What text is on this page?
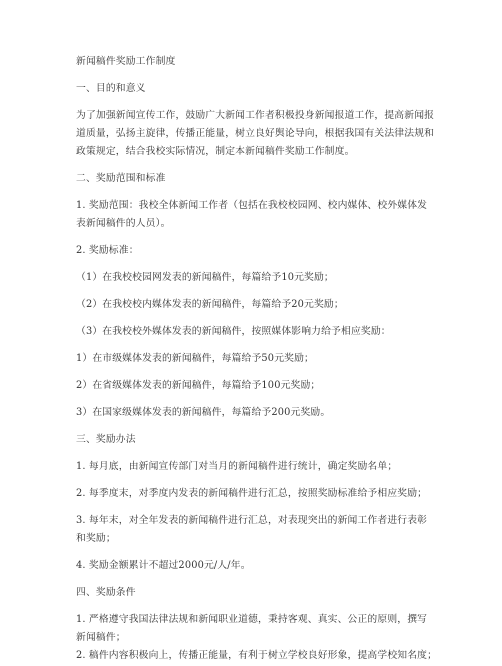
新闻稿件奖励工作制度
一、目的和意义
为了加强新闻宣传工作，鼓励广大新闻工作者积极投身新闻报道工作，提高新闻报
道质量，弘扬主旋律，传播正能量，树立良好舆论导向，根据我国有关法律法规和
政策规定，结合我校实际情况，制定本新闻稿件奖励工作制度。
二、奖励范围和标准
1. 奖励范围：我校全体新闻工作者（包括在我校校园网、校内媒体、校外媒体发
表新闻稿件的人员）。
2. 奖励标准：
（1）在我校校园网发表的新闻稿件，每篇给予10元奖励；
（2）在我校校内媒体发表的新闻稿件，每篇给予20元奖励；
（3）在我校校外媒体发表的新闻稿件，按照媒体影响力给予相应奖励：
1）在市级媒体发表的新闻稿件，每篇给予50元奖励；
2）在省级媒体发表的新闻稿件，每篇给予100元奖励；
3）在国家级媒体发表的新闻稿件，每篇给予200元奖励。
三、奖励办法
1. 每月底，由新闻宣传部门对当月的新闻稿件进行统计，确定奖励名单；
2. 每季度末，对季度内发表的新闻稿件进行汇总，按照奖励标准给予相应奖励；
3. 每年末，对全年发表的新闻稿件进行汇总，对表现突出的新闻工作者进行表彰
和奖励；
4. 奖励金额累计不超过2000元/人/年。
四、奖励条件
1. 严格遵守我国法律法规和新闻职业道德，秉持客观、真实、公正的原则，撰写
新闻稿件；
2. 稿件内容积极向上，传播正能量，有利于树立学校良好形象，提高学校知名度；
